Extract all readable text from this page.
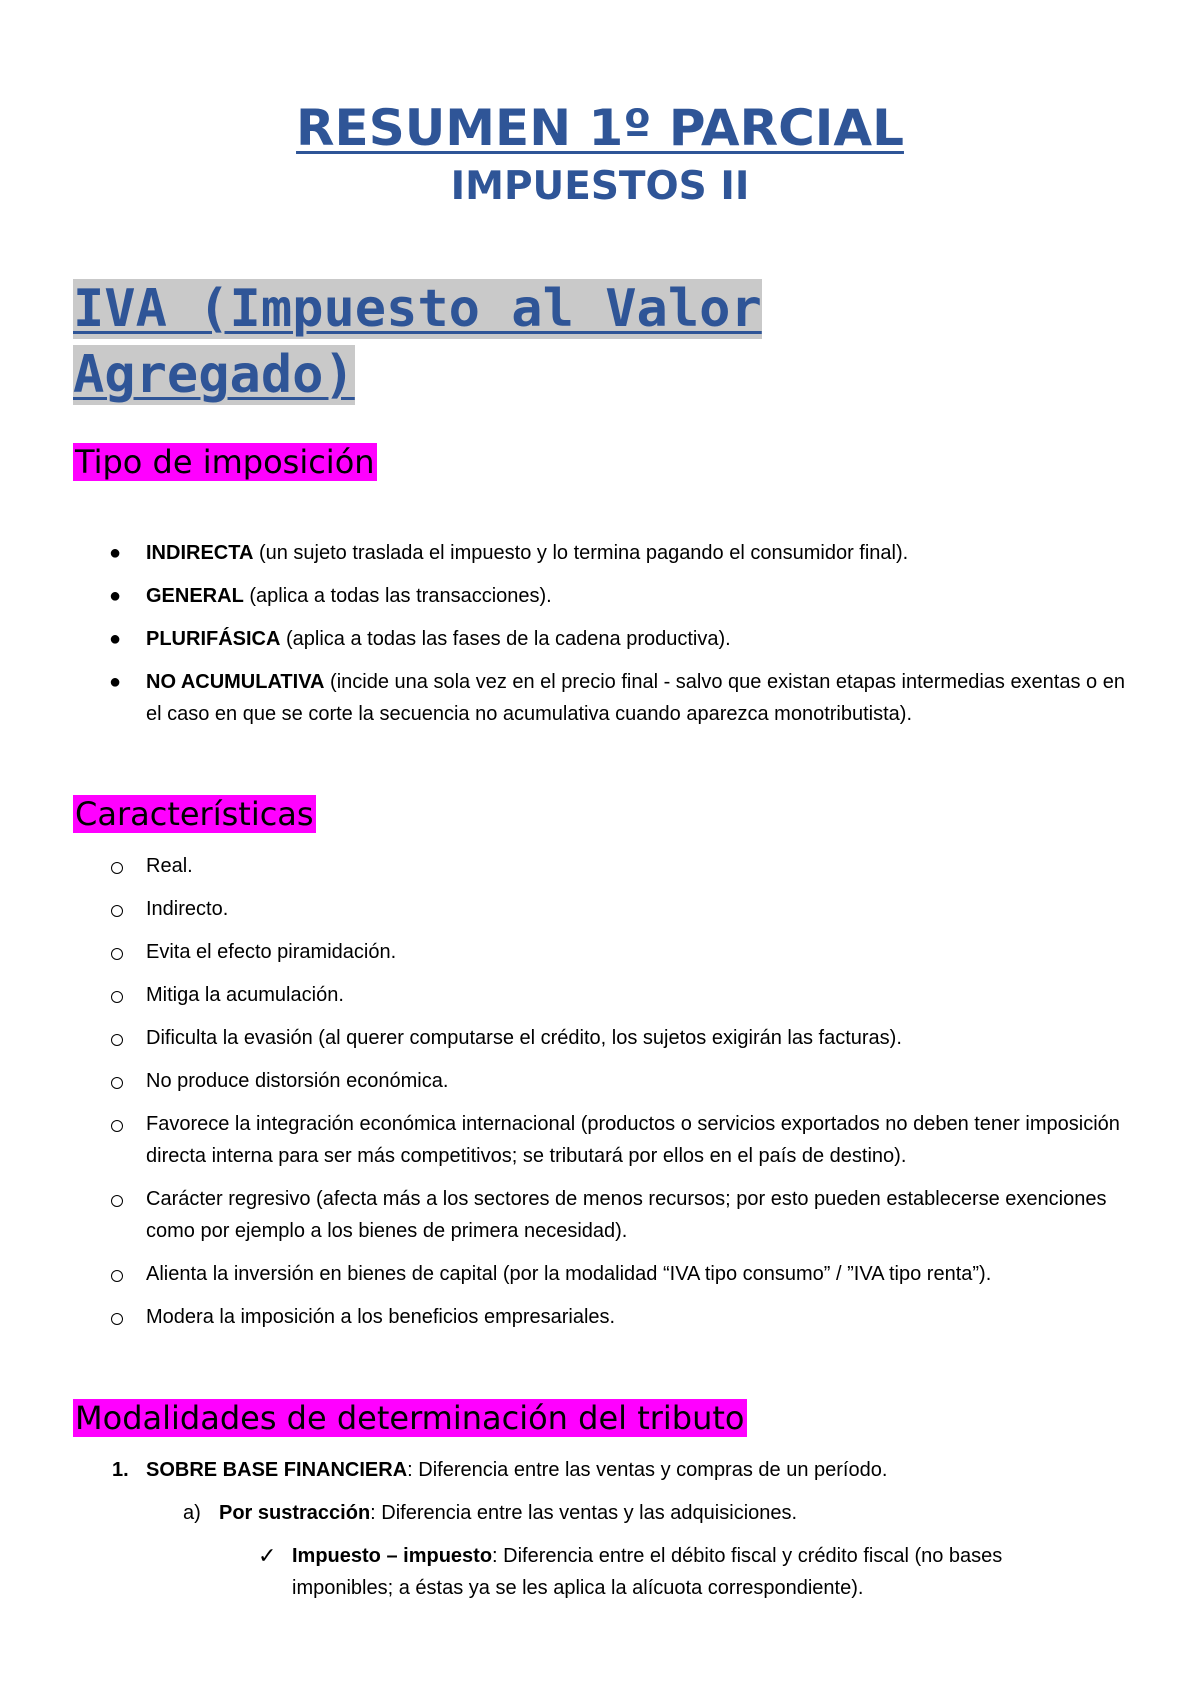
RESUMEN 1º PARCIAL
IMPUESTOS II
IVA (Impuesto al Valor Agregado)
Tipo de imposición
● INDIRECTA (un sujeto traslada el impuesto y lo termina pagando el consumidor final).
● GENERAL (aplica a todas las transacciones).
● PLURIFÁSICA (aplica a todas las fases de la cadena productiva).
● NO ACUMULATIVA (incide una sola vez en el precio final - salvo que existan etapas intermedias exentas o en el caso en que se corte la secuencia no acumulativa cuando aparezca monotributista).
Características
Real.
Indirecto.
Evita el efecto piramidación.
Mitiga la acumulación.
Dificulta la evasión (al querer computarse el crédito, los sujetos exigirán las facturas).
No produce distorsión económica.
Favorece la integración económica internacional (productos o servicios exportados no deben tener imposición directa interna para ser más competitivos; se tributará por ellos en el país de destino).
Carácter regresivo (afecta más a los sectores de menos recursos; por esto pueden establecerse exenciones como por ejemplo a los bienes de primera necesidad).
Alienta la inversión en bienes de capital (por la modalidad “IVA tipo consumo” / ”IVA tipo renta”).
Modera la imposición a los beneficios empresariales.
Modalidades de determinación del tributo
1. SOBRE BASE FINANCIERA: Diferencia entre las ventas y compras de un período.
a) Por sustracción: Diferencia entre las ventas y las adquisiciones.
✓ Impuesto – impuesto: Diferencia entre el débito fiscal y crédito fiscal (no bases imponibles; a éstas ya se les aplica la alícuota correspondiente).
